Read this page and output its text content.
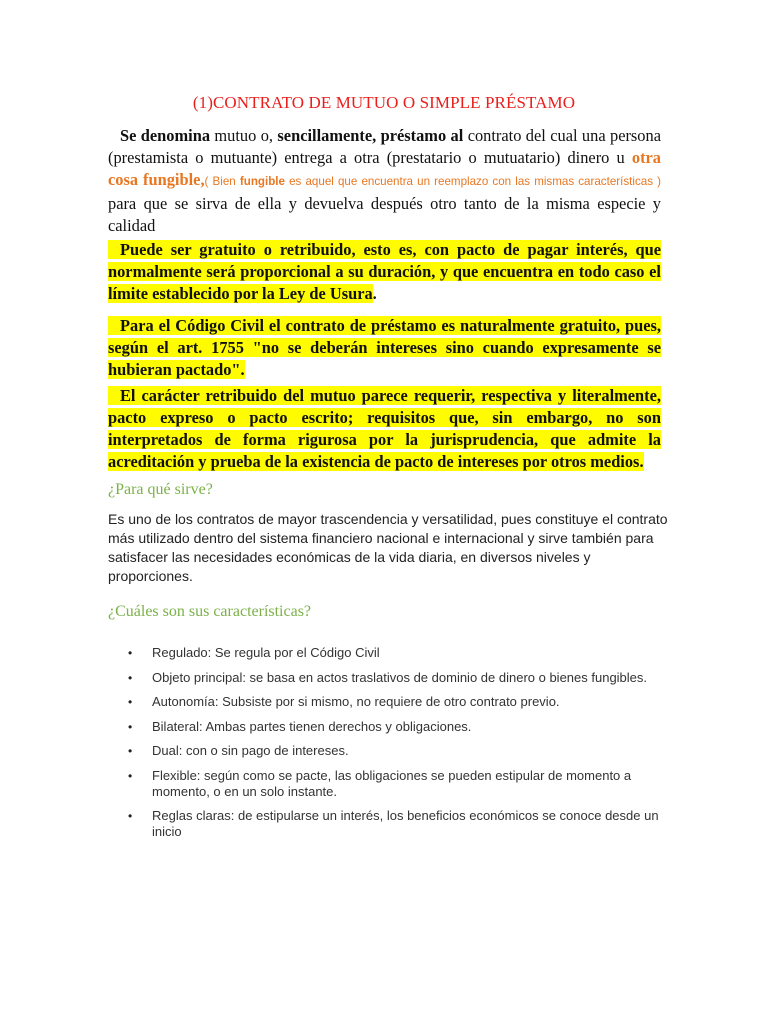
(1)CONTRATO DE MUTUO O SIMPLE PRÉSTAMO
Se denomina mutuo o, sencillamente, préstamo al contrato del cual una persona (prestamista o mutuante) entrega a otra (prestatario o mutuatario) dinero u otra cosa fungible,( Bien fungible es aquel que encuentra un reemplazo con las mismas características ) para que se sirva de ella y devuelva después otro tanto de la misma especie y calidad
Puede ser gratuito o retribuido, esto es, con pacto de pagar interés, que normalmente será proporcional a su duración, y que encuentra en todo caso el límite establecido por la Ley de Usura.
Para el Código Civil el contrato de préstamo es naturalmente gratuito, pues, según el art. 1755 "no se deberán intereses sino cuando expresamente se hubieran pactado".
El carácter retribuido del mutuo parece requerir, respectiva y literalmente, pacto expreso o pacto escrito; requisitos que, sin embargo, no son interpretados de forma rigurosa por la jurisprudencia, que admite la acreditación y prueba de la existencia de pacto de intereses por otros medios.
¿Para qué sirve?
Es uno de los contratos de mayor trascendencia y versatilidad, pues constituye el contrato más utilizado dentro del sistema financiero nacional e internacional y sirve también para satisfacer las necesidades económicas de la vida diaria, en diversos niveles y proporciones.
¿Cuáles son sus características?
• Regulado: Se regula por el Código Civil
• Objeto principal: se basa en actos traslativos de dominio de dinero o bienes fungibles.
• Autonomía: Subsiste por si mismo, no requiere de otro contrato previo.
• Bilateral: Ambas partes tienen derechos y obligaciones.
• Dual: con o sin pago de intereses.
• Flexible: según como se pacte, las obligaciones se pueden estipular de momento a momento, o en un solo instante.
• Reglas claras: de estipularse un interés, los beneficios económicos se conoce desde un inicio
